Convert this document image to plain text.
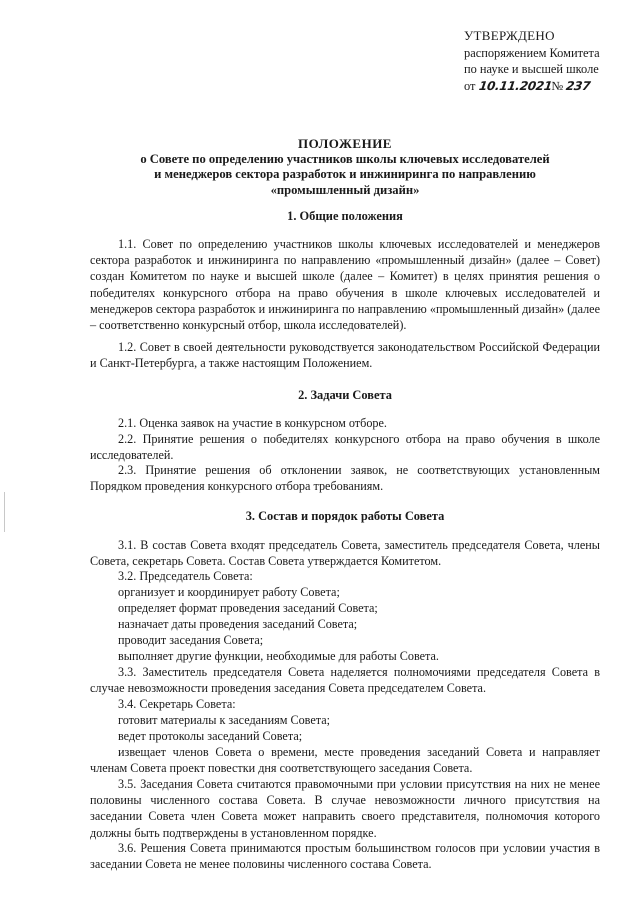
УТВЕРЖДЕНО
распоряжением Комитета
по науке и высшей школе
от 10.11.2021№ 237
ПОЛОЖЕНИЕ
о Совете по определению участников школы ключевых исследователей
и менеджеров сектора разработок и инжиниринга по направлению
«промышленный дизайн»
1. Общие положения
1.1. Совет по определению участников школы ключевых исследователей и менеджеров сектора разработок и инжиниринга по направлению «промышленный дизайн» (далее – Совет) создан Комитетом по науке и высшей школе (далее – Комитет) в целях принятия решения о победителях конкурсного отбора на право обучения в школе ключевых исследователей и менеджеров сектора разработок и инжиниринга по направлению «промышленный дизайн» (далее – соответственно конкурсный отбор, школа исследователей).
1.2. Совет в своей деятельности руководствуется законодательством Российской Федерации и Санкт-Петербурга, а также настоящим Положением.
2. Задачи Совета
2.1. Оценка заявок на участие в конкурсном отборе.
2.2. Принятие решения о победителях конкурсного отбора на право обучения в школе исследователей.
2.3. Принятие решения об отклонении заявок, не соответствующих установленным Порядком проведения конкурсного отбора требованиям.
3. Состав и порядок работы Совета
3.1. В состав Совета входят председатель Совета, заместитель председателя Совета, члены Совета, секретарь Совета. Состав Совета утверждается Комитетом.
3.2. Председатель Совета:
организует и координирует работу Совета;
определяет формат проведения заседаний Совета;
назначает даты проведения заседаний Совета;
проводит заседания Совета;
выполняет другие функции, необходимые для работы Совета.
3.3. Заместитель председателя Совета наделяется полномочиями председателя Совета в случае невозможности проведения заседания Совета председателем Совета.
3.4. Секретарь Совета:
готовит материалы к заседаниям Совета;
ведет протоколы заседаний Совета;
извещает членов Совета о времени, месте проведения заседаний Совета и направляет членам Совета проект повестки дня соответствующего заседания Совета.
3.5. Заседания Совета считаются правомочными при условии присутствия на них не менее половины численного состава Совета. В случае невозможности личного присутствия на заседании Совета член Совета может направить своего представителя, полномочия которого должны быть подтверждены в установленном порядке.
3.6. Решения Совета принимаются простым большинством голосов при условии участия в заседании Совета не менее половины численного состава Совета.
